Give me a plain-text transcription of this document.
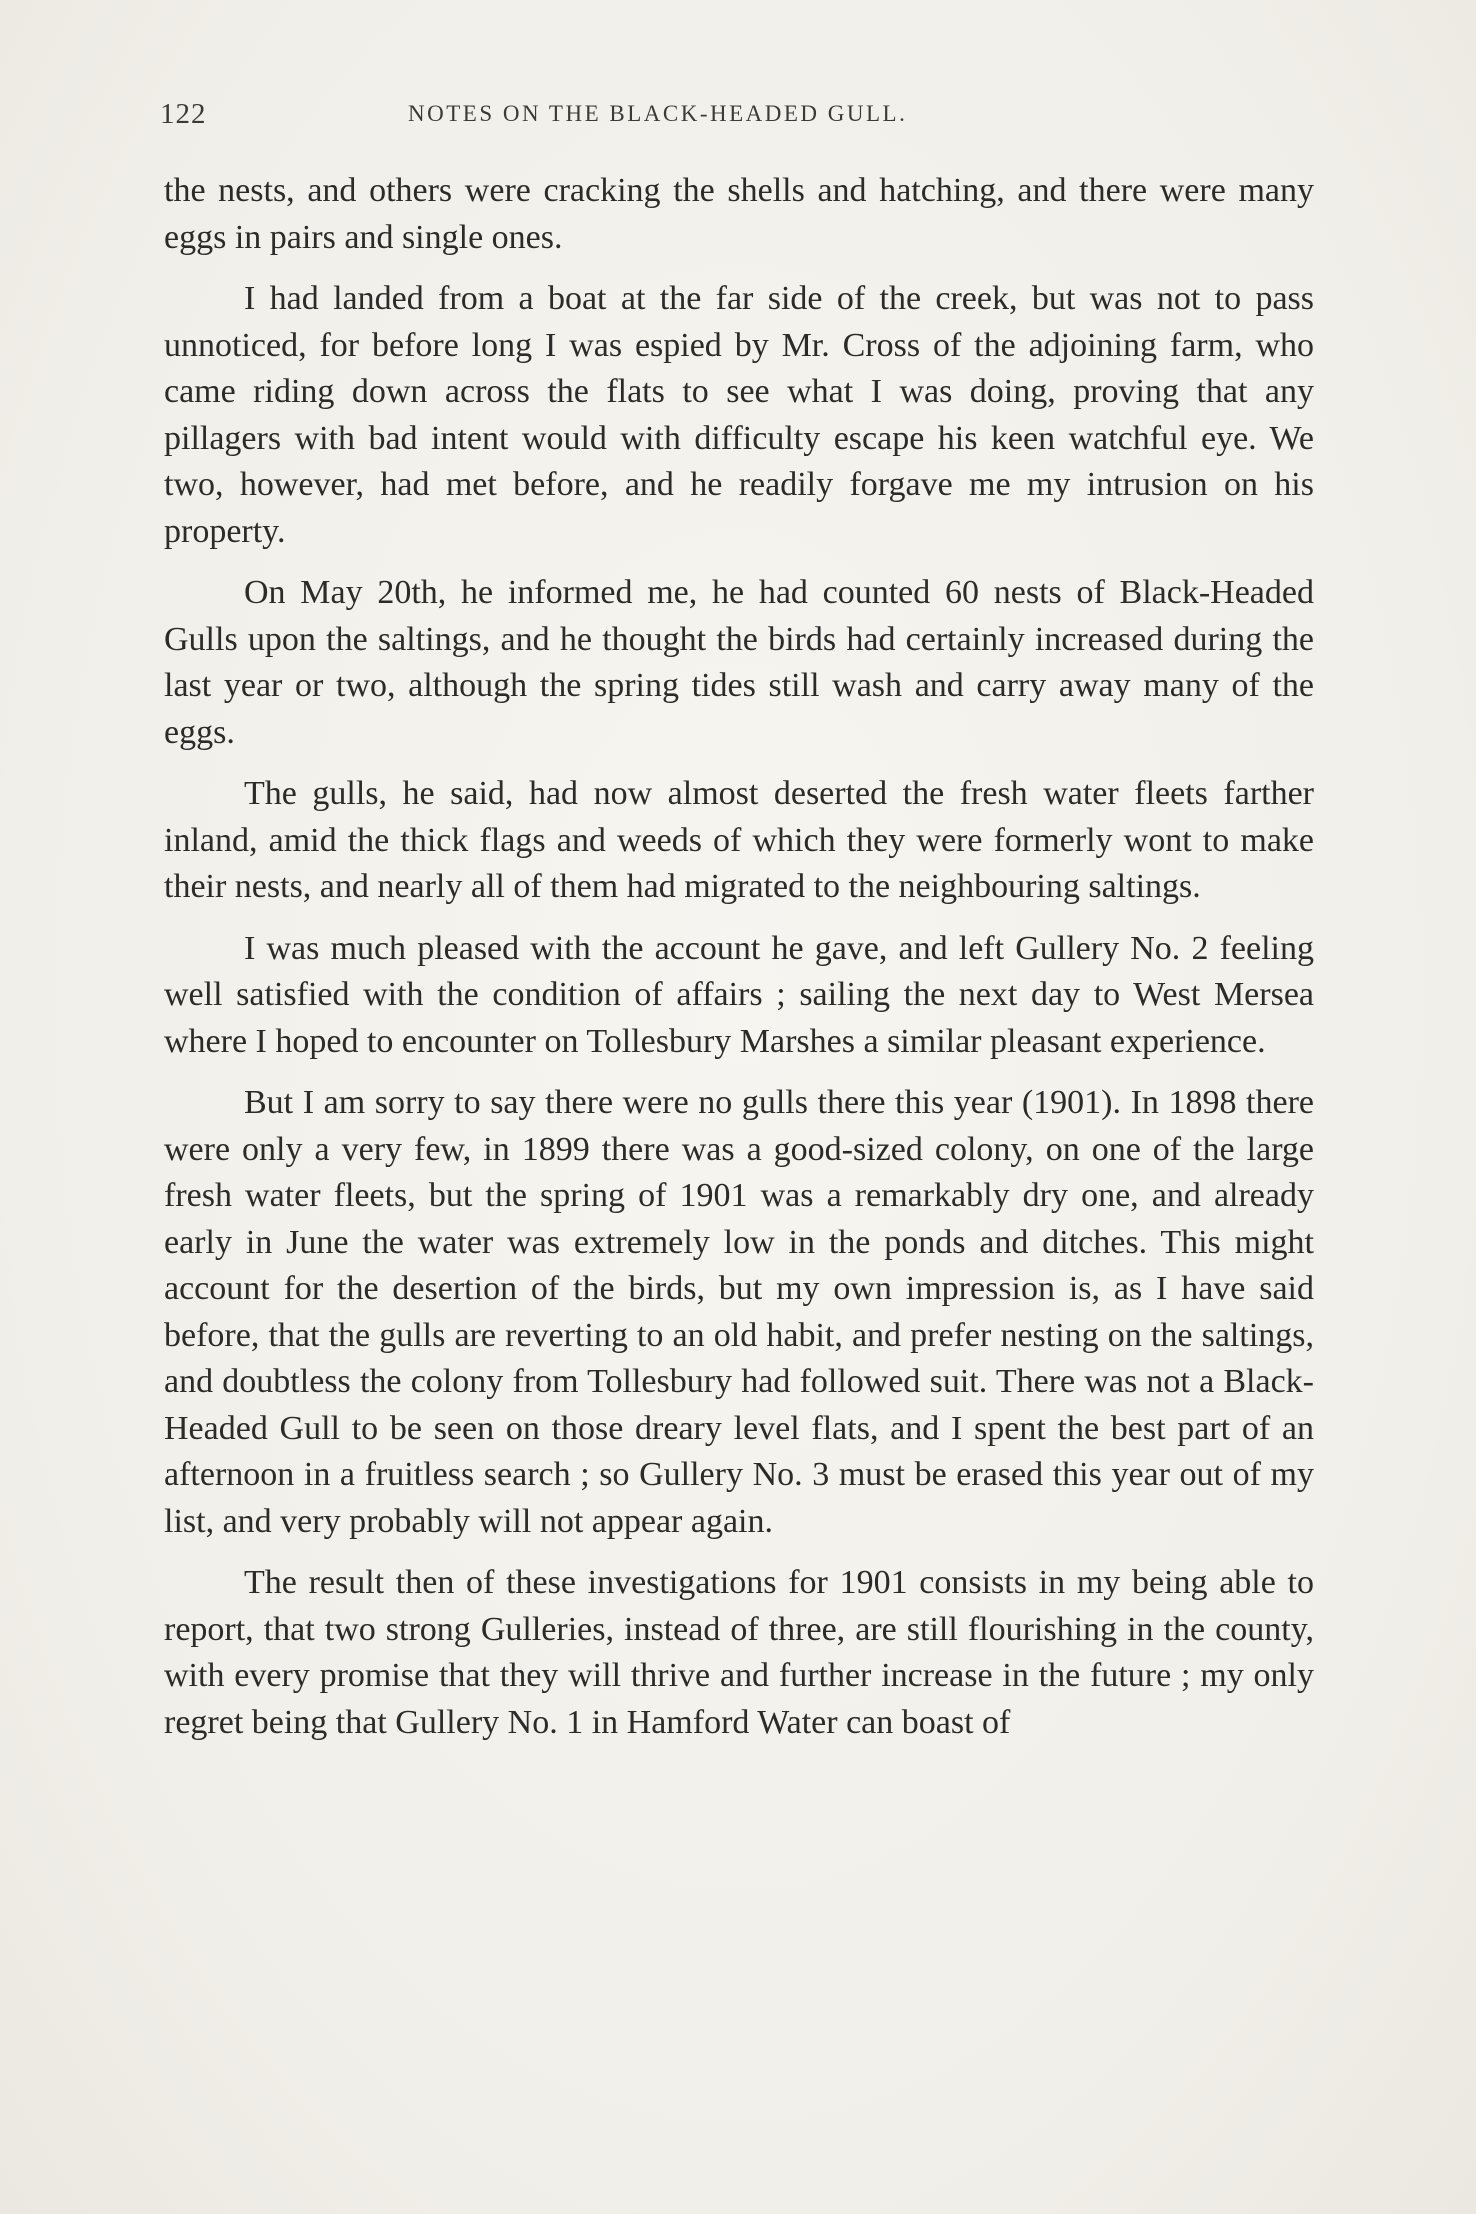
122	NOTES ON THE BLACK-HEADED GULL.

the nests, and others were cracking the shells and hatching, and there were many eggs in pairs and single ones.

I had landed from a boat at the far side of the creek, but was not to pass unnoticed, for before long I was espied by Mr. Cross of the adjoining farm, who came riding down across the flats to see what I was doing, proving that any pillagers with bad intent would with difficulty escape his keen watchful eye. We two, however, had met before, and he readily forgave me my intrusion on his property.

On May 20th, he informed me, he had counted 60 nests of Black-Headed Gulls upon the saltings, and he thought the birds had certainly increased during the last year or two, although the spring tides still wash and carry away many of the eggs.

The gulls, he said, had now almost deserted the fresh water fleets farther inland, amid the thick flags and weeds of which they were formerly wont to make their nests, and nearly all of them had migrated to the neighbouring saltings.

I was much pleased with the account he gave, and left Gullery No. 2 feeling well satisfied with the condition of affairs ; sailing the next day to West Mersea where I hoped to encounter on Tollesbury Marshes a similar pleasant experience.

But I am sorry to say there were no gulls there this year (1901). In 1898 there were only a very few, in 1899 there was a good-sized colony, on one of the large fresh water fleets, but the spring of 1901 was a remarkably dry one, and already early in June the water was extremely low in the ponds and ditches. This might account for the desertion of the birds, but my own impression is, as I have said before, that the gulls are reverting to an old habit, and prefer nesting on the saltings, and doubtless the colony from Tollesbury had followed suit. There was not a Black-Headed Gull to be seen on those dreary level flats, and I spent the best part of an afternoon in a fruitless search ; so Gullery No. 3 must be erased this year out of my list, and very probably will not appear again.

The result then of these investigations for 1901 consists in my being able to report, that two strong Gulleries, instead of three, are still flourishing in the county, with every promise that they will thrive and further increase in the future ; my only regret being that Gullery No. 1 in Hamford Water can boast of
